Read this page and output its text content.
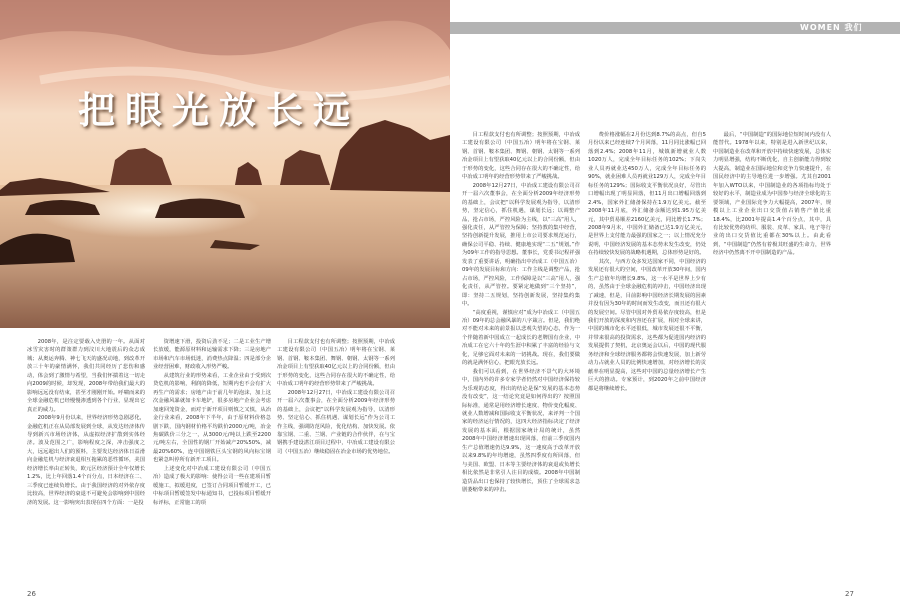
把眼光放长远
WOMEN 我们

2008年，是注定要载入史册的一年。从面对冰雪灾害时的群策群力到汶川大地震后的众志成城；从奥运奔腾、神七飞天的盛况动地，到改革开放三十年的豪情满怀，我们共同经历了悲伤和感动，体会到了激情与希望，当我们怀揣着这一切走向2009的时候，却发现，2008年带给我们最大的影响远远没有结束，甚至才刚刚开始。呼啸而来的全球金融危机已经慢慢渗透到各个行业，显现出它真正的威力。

2008年9月份以来，世界经济形势急剧恶化，金融危机正在从局部发展到全球，从发达经济体传导到新兴市场经济体，从虚拟经济扩散到实体经济。波及范围之广，影响程度之深，冲击强度之大，远远超出人们的预料，主要发达经济体日益滑向金融危机与经济衰退相互拖累的恶性循环，美国经济增长率由正转负，欧元区经济预计全年仅增长1.2%，比上年回落1.4个百分点，日本经济在二、三季度已连续负增长。由于我国经济的对外依存度比较高，世界经济的衰退不可避免会影响到中国经济的发展。这一影响突出表现在四个方面：一是投

资增速下滑，投资后劲不足；二是工业生产增长放缓，能源原材料和运输需求下降；三是房地产市场和汽车市场低迷，消费热点降温；四是部分企业经营困难，财政收入形势严峻。

从建筑行业的形势来看，工业企业由于受到次贷危机的影响，利润的降低，短期内也不会有扩大再生产的需求；房地产由于前几年的泡沫，加上这次金融风暴就如卡车地铲，很多房地产企业会考虑加速回笼资金，而对于新开项目则慎之又慎，从冶金行业来看，2008年下半年，由于原材料价格急剧下跌，国内钢材价格平均跌价2000元/吨，冶金焦碳跌价三分之一，从3000元/吨以上跌至2200元/吨左右，全国性的钢厂开始减产20%50%，减最20%60%，连中国钢铁巨头宝钢的风向标宝钢也紧急叫停所有新开工项目。

上述变化对中冶成工建设有限公司（中国五冶）造成了极大的影响：使得公司一些在建项目暂缓施工，拟缓进度，已签订合同项目暂缓开工，已中标项目暂缓签发中标通知书，已投标项目暂缓开标评标，正常施工的项

目工程款支付也有所调整；按照预期，中冶成工建设有限公司（中国五冶）明年将在宝钢、莱钢、首钢、鞍本集团、舞钢、朝钢、太钢等一系列冶金项目上有望获取40亿元以上的合同份额，但由于形势的变化，这些合同存在很大的不确定性，给中冶成工明年的经营形势带来了严峻挑战。

2008年12月27日，中冶成工建设有限公司召开一届六次董事会，在全面分析2009年经济形势的基础上，会议把“以科学发展观为指导，以清形势、坚定信心、抓住机遇、谋划长远”作为公司工作主线，强调防范风险，优化结构、加快发展。依靠宝钢、二重、兰钢、产业链的合作伙伴，在与宝钢携手建设湛江项目过程中，中冶成工建设有限公司（中国五冶）继续稳固在冶金市场的优势地位。

目工程款支付也有所调整；按照预期，中冶成工建设有限公司（中国五冶）明年将在宝钢、莱钢、首钢、鞍本集团、舞钢、朝钢、太钢等一系列冶金项目上有望获取40亿元以上的合同份额，但由于形势的变化，这些合同存在很大的不确定性，给中冶成工明年的经营形势带来了严峻挑战。

2008年12月27日，中冶成工建设有限公司召开一届六次董事会，在全面分析2009年经济形势的基础上，会议把“以科学发展观为指导，以清形势，坚定信心，抓住机遇，谋划长远；以调整产品，抢占市场，严控风险为主线，以“三高”用人，强化责任，从严管控为保障；坚持教的集中经营，坚持创新提升发展，推用上市公司要求规范运行，确保公司平稳、持续、健康地实现“二五”规划。”作为09年工作的指导思想。董事长，党委书记程祥强发表了重要讲话，明确指出中冶成工（中国五冶）09年的发展目标和方向：工作主线是调整产品，抢占市场，严控风险，工作保障是以“三高”用人，强化责任，从严管控。要紧定地做到“三个坚持”，即：坚持二五规划，坚持创新发展，坚持集约集中。

“高度重视，谨慎应对”成为中冶成工（中国五冶）09年的总会融风暴的八字箴言。但是，我们绝对不能对未来的前景报以悲观失望的心态，作为一个伴随着新中国成立一起成长的老牌国有企业，中冶成工在它六十年的生涯中积累了丰富的经验与文化，足够它面对未来的一切挑战。现在，我们要做的就是满怀信心，把眼光放长远。

我们可以看到，在世界经济不景气的大环境中，国内外的许多专家学者仍然对中国经济保持较为乐观的态度，得出的结论是保“发展的基本态势没有改变”，这一结论究竟是如何得出的？按照国际标准，通常是用经济增长速度、物价变化幅度、就业人数增减和国际收支平衡状况，来评判一个国家的经济运行情况的，这四大经济指标决定了经济发展的基本面，根据国家统计局的统计，虽然2008年中国经济增速出现回落，但前三季度国内生产总值增速仍达9.9%，这一速度高于改革开放以来9.8%的年均增速，虽然四季度有所回落，但与美国、欧盟、日本等主要经济体的衰退或负增长相比依然是非常引人注目的成绩。2008年中国制造货品出口也保持了较快增长，顶住了全球需求急剧萎缩带来的冲击。

费价格涨幅在2月份达到8.7%的高点，但自5月份以来已经连续7个月回落，11月同比涨幅已回落到2.4%；2008年11月，城镇新增就业人数1020万人，完成全年目标任务的102%；下岗失业人员再就业达450万人，完成全年目标任务的90%，就业困难人员再就业129万人，完成全年目标任务的129%；国际收支平衡状况良好，尽管出口增幅出现了明显回落，但11月出口增幅回落到2.4%，国家外汇储备保持在1.9万亿美元。截至2008年11月底，外汇储备余额达到1.95万亿美元，其中贸易顺差2160亿美元，同比增长1.7%；2008年9月末，中国外汇储备已达1.9万亿美元，是世界上支付能力最强的国家之一；以上情况充分说明，中国经济发展的基本态势未发生改变，仍处在持续较快发展的战略机遇期，总体形势是好的。

其次，与西方众多发达国家不同，中国经济的发展还有很大的空间，中国改革开放30年间，国内生产总值年均增长9.8%，这一水平是世界上少有的，虽然由于全球金融危机的冲击，中国经济出现了减速，但是，目前影响中国经济长期发展的因素并没有因为30年的时间而发生改变，而且还有很大的发展空间。尽管中国对外贸易依存度较高，但是我们开放的深度和内容还在扩展，相对全球来讲，中国的城市化水平还很低，城市发展还很不平衡，并带来很高的投资需求，这些都为促进国内经济的发展提供了契机，北京奥运会以后，中国的现代服务经济和全球经济服务都将会快速发展，加上新劳动力占就业人员的比例快速增加，对经济增长的贡献率在明显提高，这些对中国的总量经济增长产生巨大的推动。专家预计，到2020年之前中国经济都是将继续增长。

最后，“中国制造”的国际地位短时间内没有人能替代。1978年以来，特别是进入新世纪以来，中国制造业在改革和开放中持续快速发展，总体实力明显增强，结构不断优化，自主创新能力得到较大提高，制造业在国际地位和竞争力快速提升，在国民经济中的主导地位进一步增强。尤其自2001年加入WTO以来，中国制造业的各项指标均处于较好的水平，制造业成为中国参与经济全球化的主要领域，产业国际竞争力大幅提高，2007年，规模以上工业企业出口交货值占销售产值比重18.4%，比2001年提高1.4个百分点，其中，具有比较优势的纺织、服装、皮革、家具、电子等行业的出口交货值比重都在30%以上。由此看到，“中国制造”仍然有着极其旺盛的生命力，世界经济中仍然离不开中国制造的产品。

26	27
